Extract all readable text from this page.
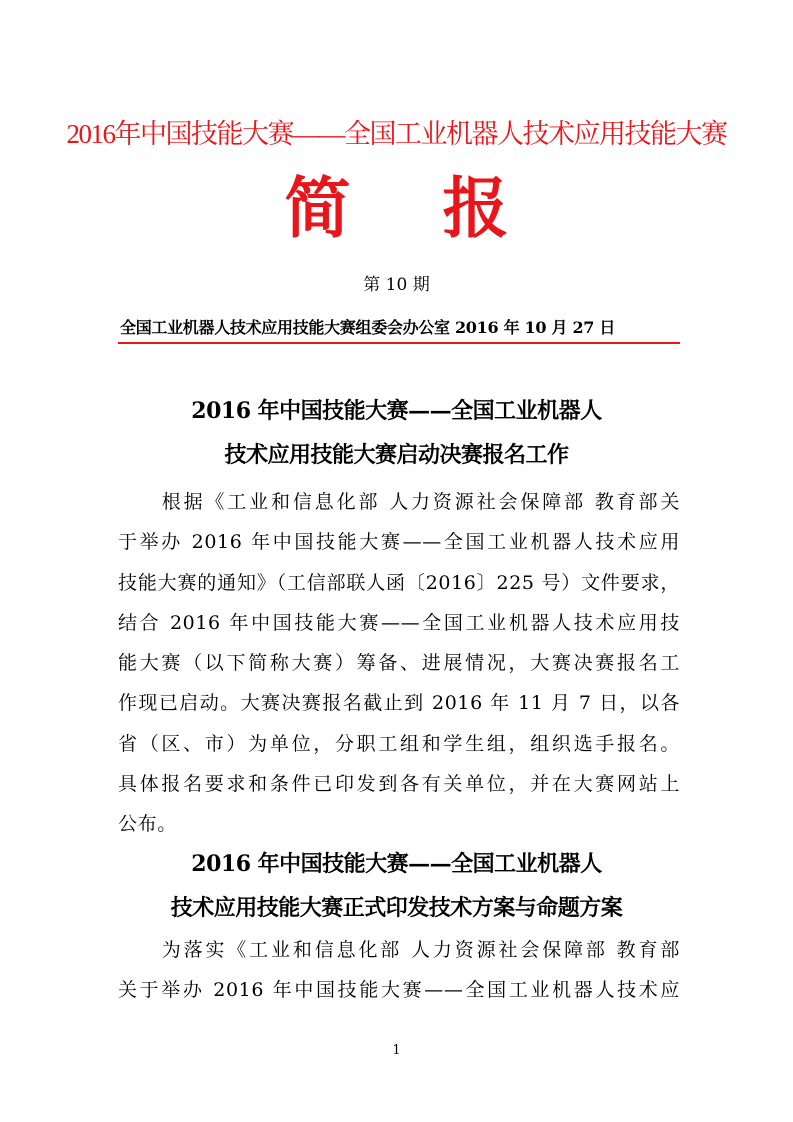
2016年中国技能大赛——全国工业机器人技术应用技能大赛
简报
第 10 期
全国工业机器人技术应用技能大赛组委会办公室 2016 年 10 月 27 日
2016 年中国技能大赛——全国工业机器人
技术应用技能大赛启动决赛报名工作
　　根据《工业和信息化部 人力资源社会保障部 教育部关
于举办 2016 年中国技能大赛——全国工业机器人技术应用
技能大赛的通知》（工信部联人函〔2016〕225 号）文件要求，
结合 2016 年中国技能大赛——全国工业机器人技术应用技
能大赛（以下简称大赛）筹备、进展情况，大赛决赛报名工
作现已启动。大赛决赛报名截止到 2016 年 11 月 7 日，以各
省（区、市）为单位，分职工组和学生组，组织选手报名。
具体报名要求和条件已印发到各有关单位，并在大赛网站上
公布。
2016 年中国技能大赛——全国工业机器人
技术应用技能大赛正式印发技术方案与命题方案
　　为落实《工业和信息化部 人力资源社会保障部 教育部
关于举办 2016 年中国技能大赛——全国工业机器人技术应
1
